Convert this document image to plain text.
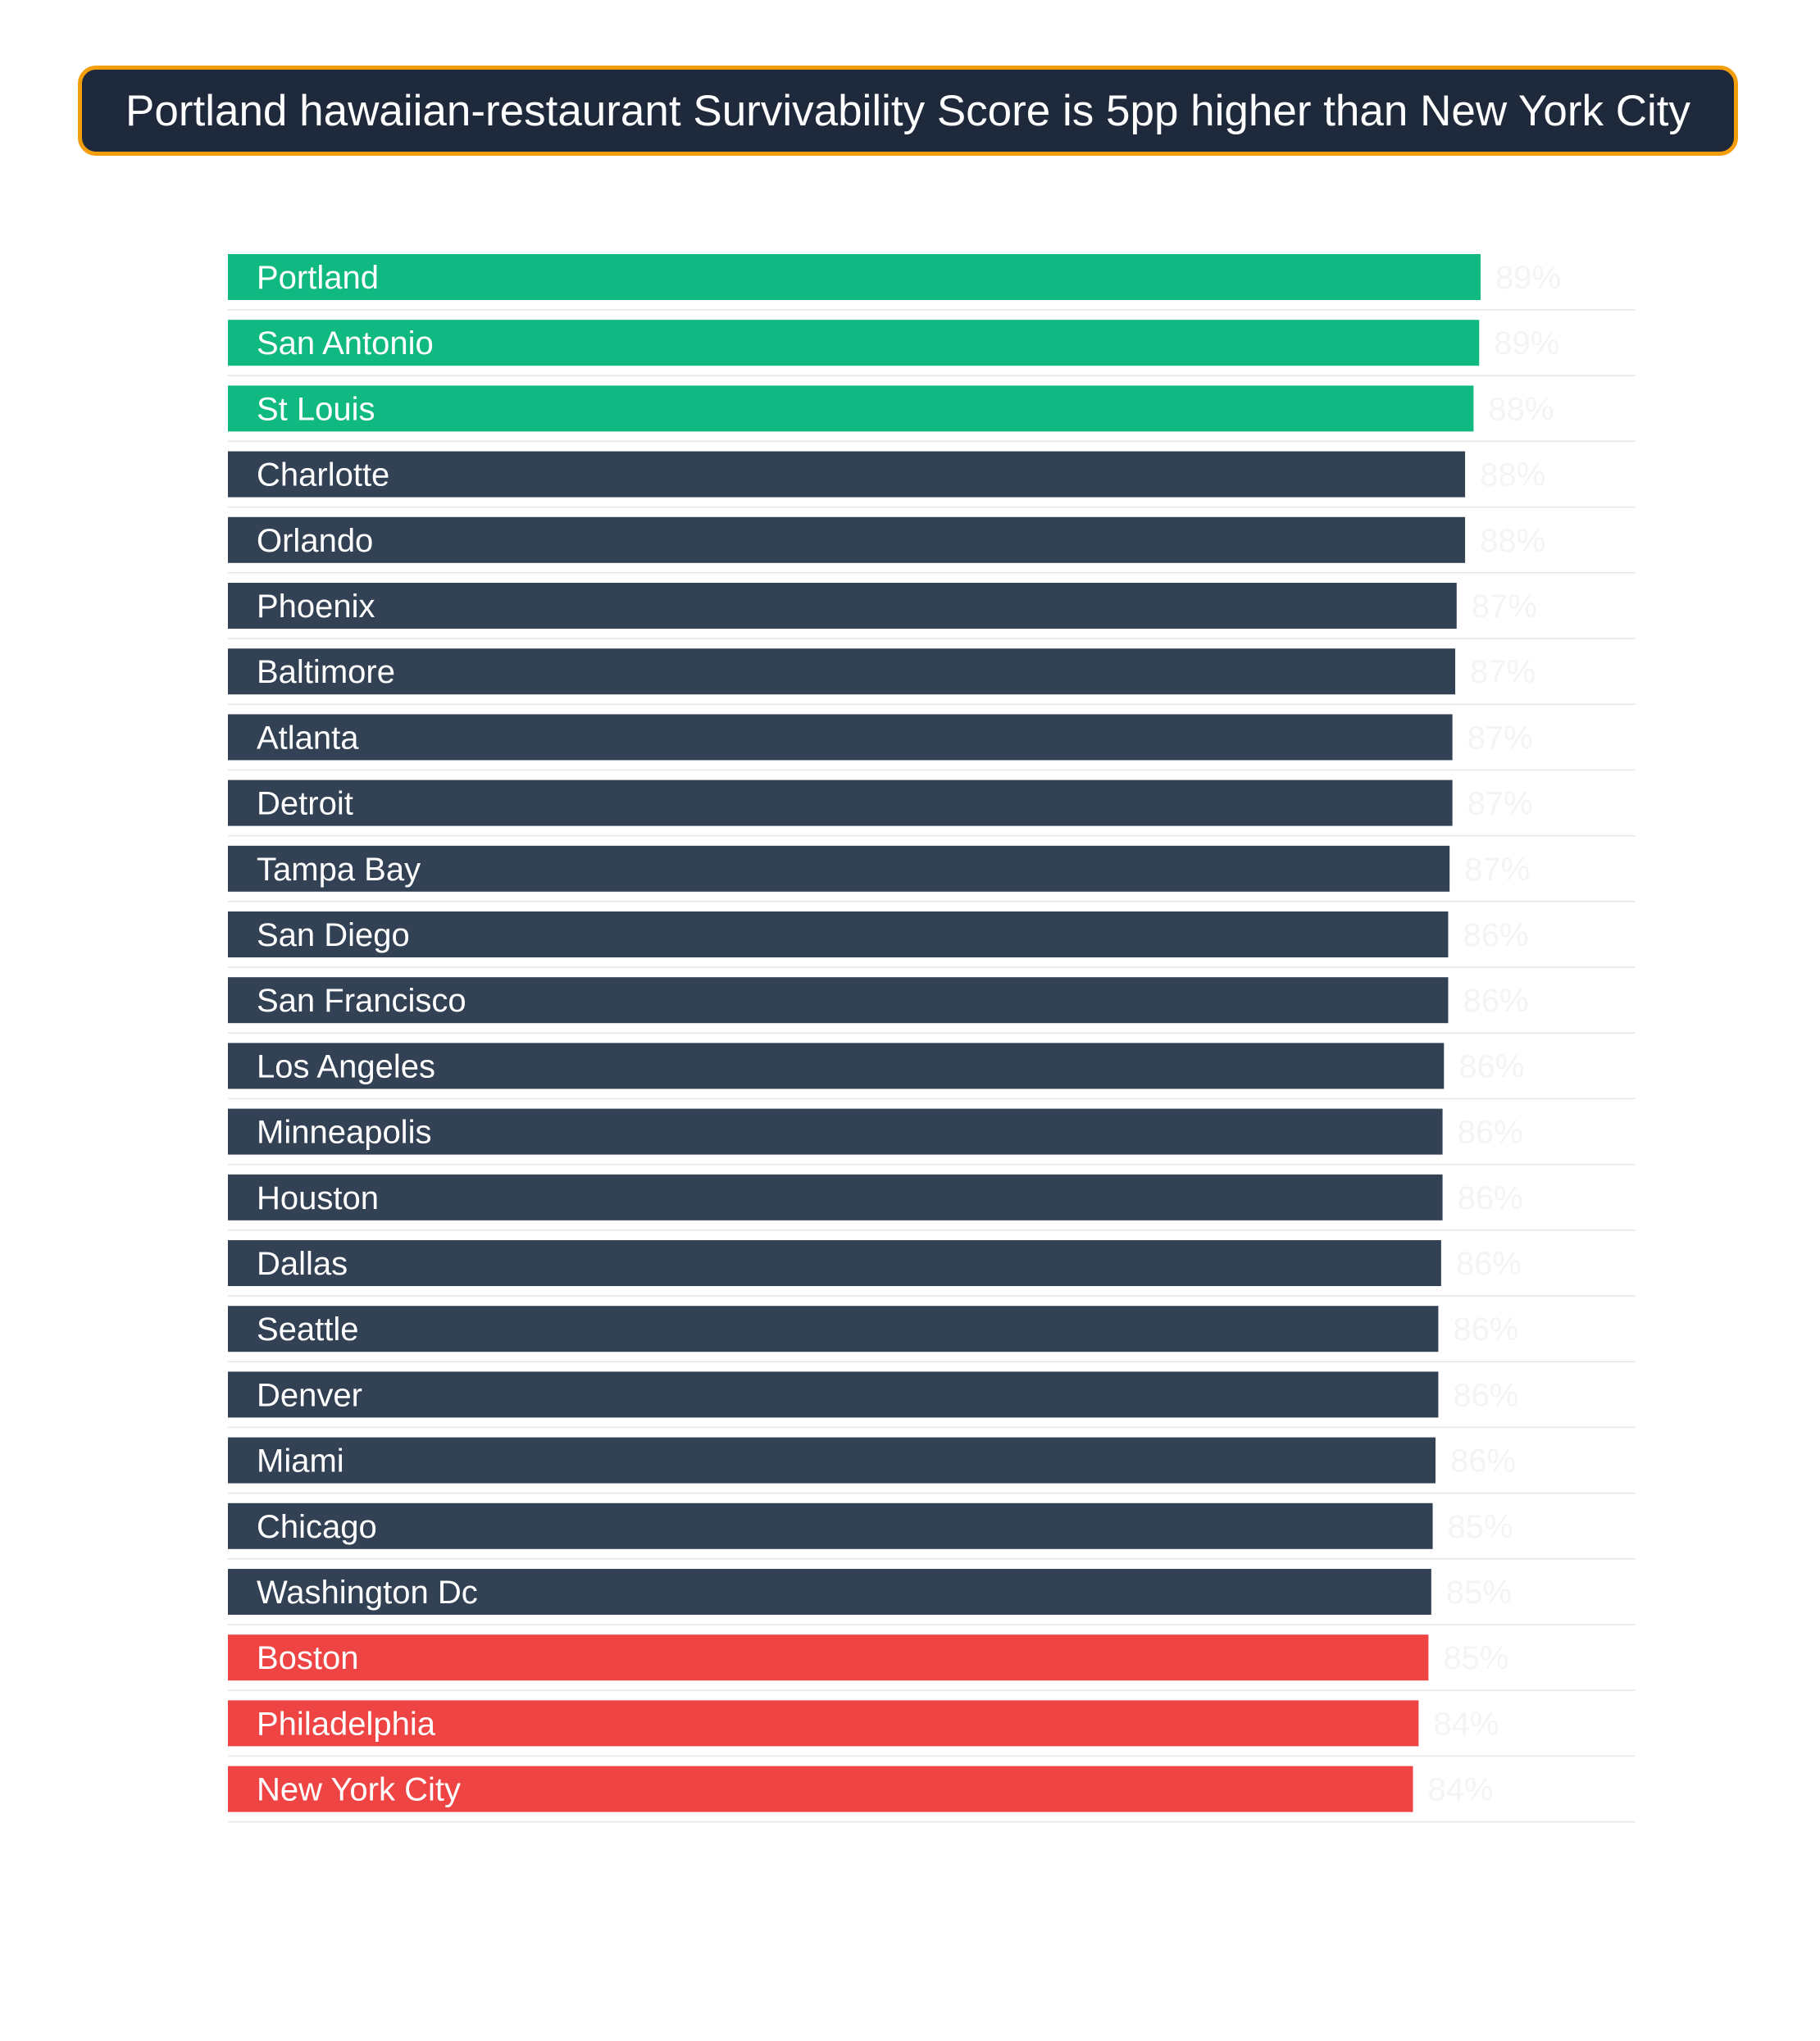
Portland hawaiian-restaurant Survivability Score is 5pp higher than New York City
Portland	89%
San Antonio	89%
St Louis	88%
Charlotte	88%
Orlando	88%
Phoenix	87%
Baltimore	87%
Atlanta	87%
Detroit	87%
Tampa Bay	87%
San Diego	86%
San Francisco	86%
Los Angeles	86%
Minneapolis	86%
Houston	86%
Dallas	86%
Seattle	86%
Denver	86%
Miami	86%
Chicago	85%
Washington Dc	85%
Boston	85%
Philadelphia	84%
New York City	84%
